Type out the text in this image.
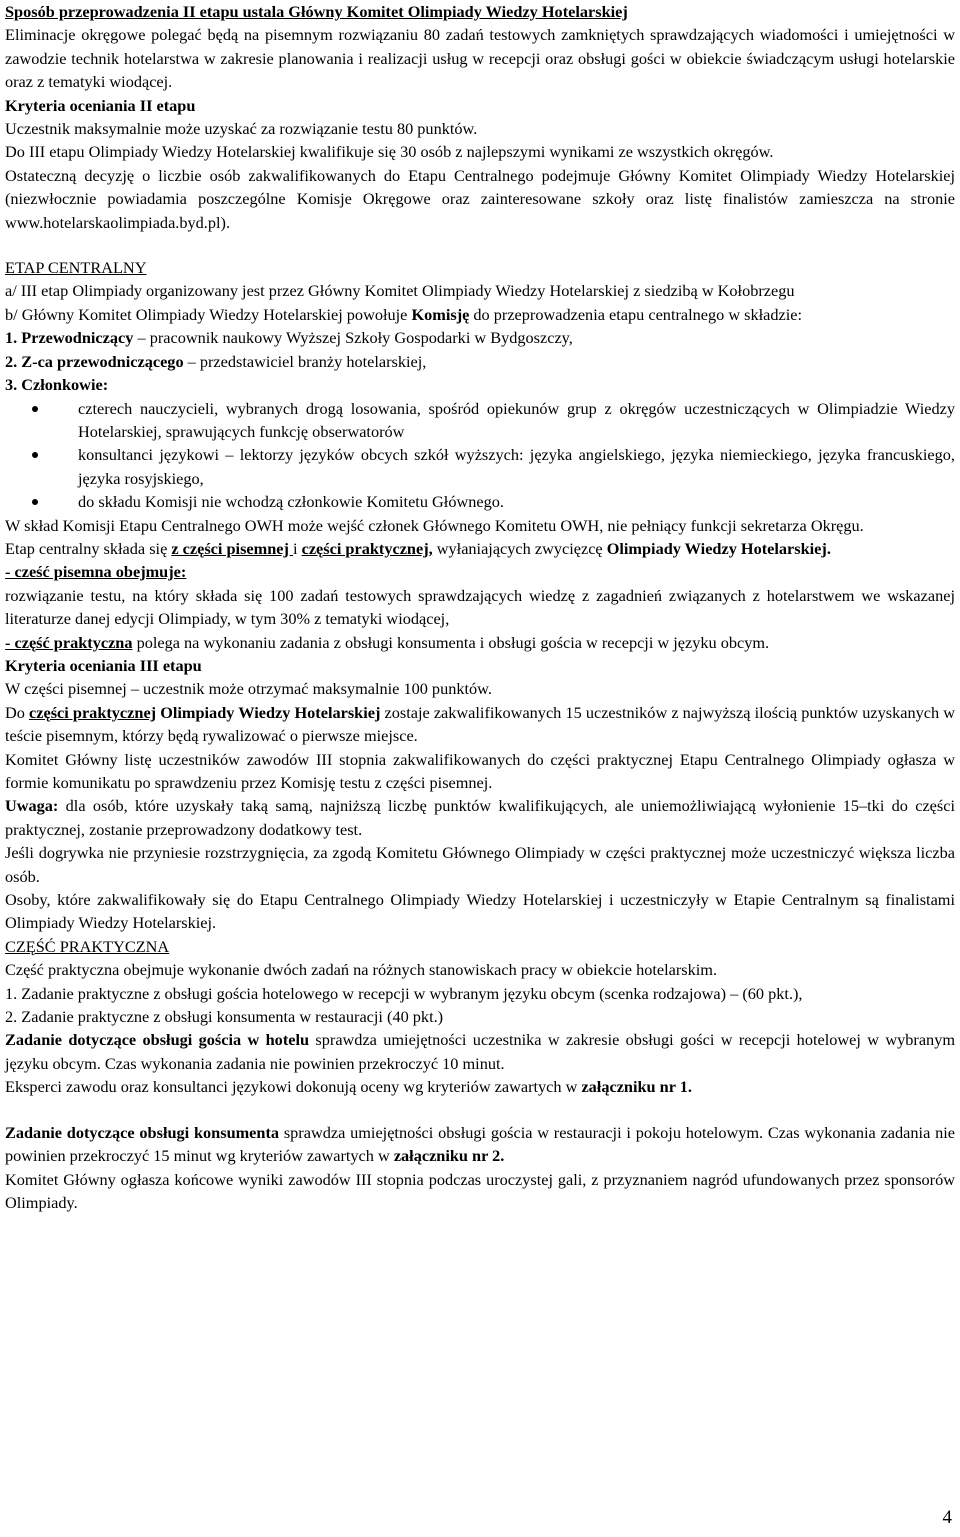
Sposób przeprowadzenia II etapu ustala Główny Komitet Olimpiady Wiedzy Hotelarskiej

Eliminacje okręgowe polegać będą na pisemnym rozwiązaniu 80 zadań testowych zamkniętych sprawdzających wiadomości i umiejętności w zawodzie technik hotelarstwa w zakresie planowania i realizacji usług w recepcji oraz obsługi gości w obiekcie świadczącym usługi hotelarskie oraz z tematyki wiodącej.

Kryteria oceniania II etapu

Uczestnik maksymalnie może uzyskać za rozwiązanie testu 80 punktów.

Do III etapu Olimpiady Wiedzy Hotelarskiej kwalifikuje się 30 osób z najlepszymi wynikami ze wszystkich okręgów.

Ostateczną decyzję o liczbie osób zakwalifikowanych do Etapu Centralnego podejmuje Główny Komitet Olimpiady Wiedzy Hotelarskiej (niezwłocznie powiadamia poszczególne Komisje Okręgowe oraz zainteresowane szkoły oraz listę finalistów zamieszcza na stronie www.hotelarskaolimpiada.byd.pl).

ETAP CENTRALNY

a/ III etap Olimpiady organizowany jest przez Główny Komitet Olimpiady Wiedzy Hotelarskiej z siedzibą w Kołobrzegu

b/ Główny Komitet Olimpiady Wiedzy Hotelarskiej powołuje Komisję do przeprowadzenia etapu centralnego w składzie:

1. Przewodniczący – pracownik naukowy Wyższej Szkoły Gospodarki w Bydgoszczy,

2. Z-ca przewodniczącego – przedstawiciel branży hotelarskiej,

3. Członkowie:

czterech nauczycieli, wybranych drogą losowania, spośród opiekunów grup z okręgów uczestniczących w Olimpiadzie Wiedzy Hotelarskiej, sprawujących funkcję obserwatorów
konsultanci językowi – lektorzy języków obcych szkół wyższych: języka angielskiego, języka niemieckiego, języka francuskiego, języka rosyjskiego,
do składu Komisji nie wchodzą członkowie Komitetu Głównego.

W skład Komisji Etapu Centralnego OWH może wejść członek Głównego Komitetu OWH, nie pełniący funkcji sekretarza Okręgu.

Etap centralny składa się z części pisemnej i części praktycznej, wyłaniających zwycięzcę Olimpiady Wiedzy Hotelarskiej.

- cześć pisemna obejmuje:

rozwiązanie testu, na który składa się 100 zadań testowych sprawdzających wiedzę z zagadnień związanych z hotelarstwem we wskazanej literaturze danej edycji Olimpiady, w tym 30% z tematyki wiodącej,

- część praktyczna polega na wykonaniu zadania z obsługi konsumenta i obsługi gościa w recepcji w języku obcym.

Kryteria oceniania III etapu

W części pisemnej – uczestnik może otrzymać maksymalnie 100 punktów.

Do części praktycznej Olimpiady Wiedzy Hotelarskiej zostaje zakwalifikowanych 15 uczestników z najwyższą ilością punktów uzyskanych w teście pisemnym, którzy będą rywalizować o pierwsze miejsce.

Komitet Główny listę uczestników zawodów III stopnia zakwalifikowanych do części praktycznej Etapu Centralnego Olimpiady ogłasza w formie komunikatu po sprawdzeniu przez Komisję testu z części pisemnej.

Uwaga: dla osób, które uzyskały taką samą, najniższą liczbę punktów kwalifikujących, ale uniemożliwiającą wyłonienie 15–tki do części praktycznej, zostanie przeprowadzony dodatkowy test.

Jeśli dogrywka nie przyniesie rozstrzygnięcia, za zgodą Komitetu Głównego Olimpiady w części praktycznej może uczestniczyć większa liczba osób.

Osoby, które zakwalifikowały się do Etapu Centralnego Olimpiady Wiedzy Hotelarskiej i uczestniczyły w Etapie Centralnym są finalistami Olimpiady Wiedzy Hotelarskiej.

CZĘŚĆ PRAKTYCZNA

Część praktyczna obejmuje wykonanie dwóch zadań na różnych stanowiskach pracy w obiekcie hotelarskim.

1. Zadanie praktyczne z obsługi gościa hotelowego w recepcji w wybranym języku obcym (scenka rodzajowa) – (60 pkt.),

2. Zadanie praktyczne z obsługi konsumenta w restauracji (40 pkt.)

Zadanie dotyczące obsługi gościa w hotelu sprawdza umiejętności uczestnika w zakresie obsługi gości w recepcji hotelowej w wybranym języku obcym. Czas wykonania zadania nie powinien przekroczyć 10 minut.

Eksperci zawodu oraz konsultanci językowi dokonują oceny wg kryteriów zawartych w załączniku nr 1.

Zadanie dotyczące obsługi konsumenta sprawdza umiejętności obsługi gościa w restauracji i pokoju hotelowym. Czas wykonania zadania nie powinien przekroczyć 15 minut wg kryteriów zawartych w załączniku nr 2.

Komitet Główny ogłasza końcowe wyniki zawodów III stopnia podczas uroczystej gali, z przyznaniem nagród ufundowanych przez sponsorów Olimpiady.

4
